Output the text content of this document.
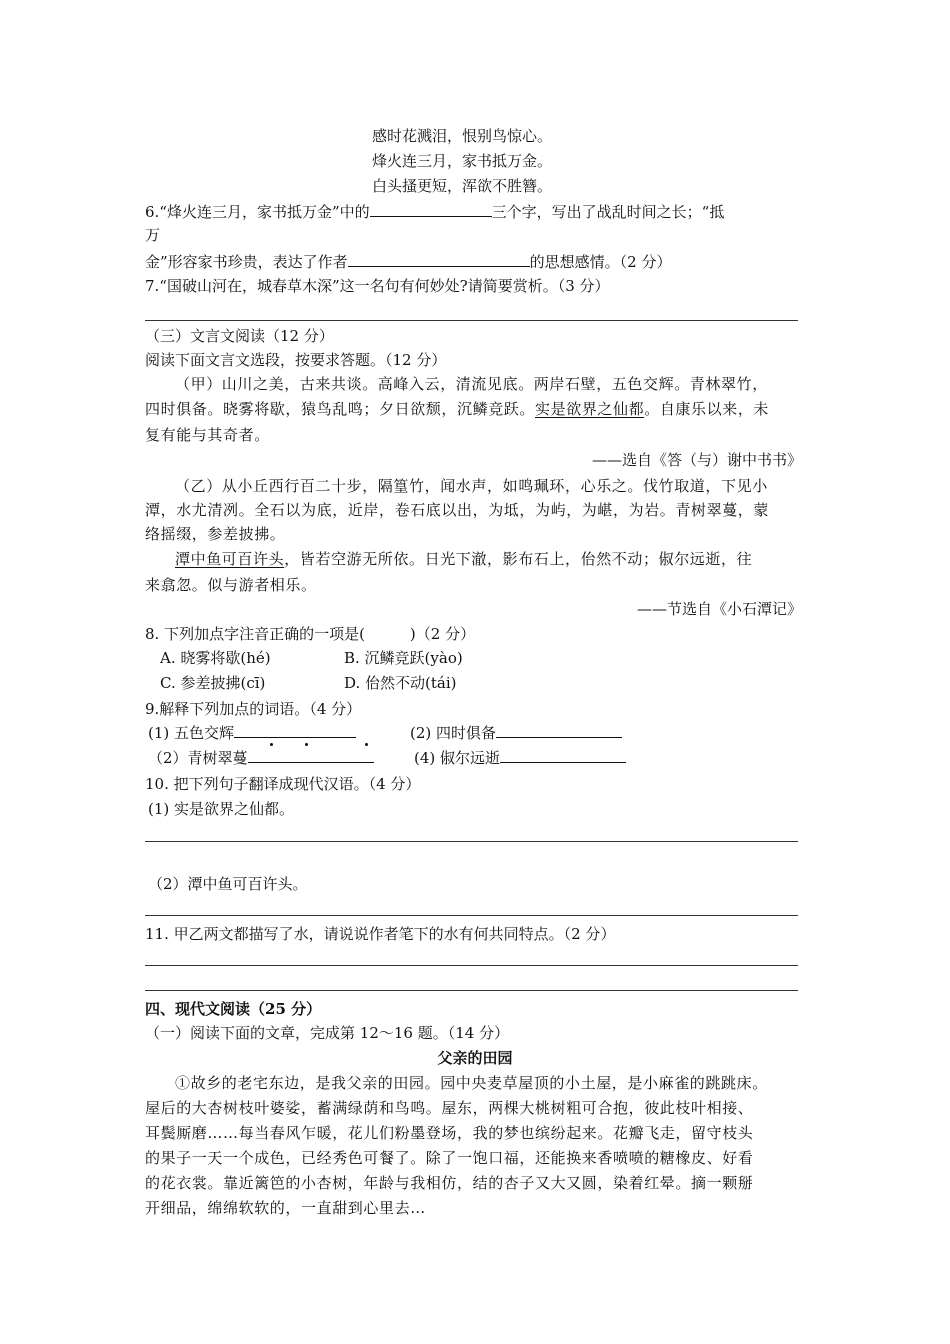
感时花溅泪，恨别鸟惊心。
烽火连三月，家书抵万金。
白头搔更短，浑欲不胜簪。
6.“烽火连三月，家书抵万金”中的	三个字，写出了战乱时间之长；“抵
万
金”形容家书珍贵，表达了作者	的思想感情。（2 分）
7.“国破山河在，城春草木深”这一名句有何妙处?请简要赏析。（3 分）
（三）文言文阅读（12 分）
阅读下面文言文选段，按要求答题。（12 分）
（甲）山川之美，古来共谈。高峰入云，清流见底。两岸石壁，五色交辉。青林翠竹，
四时俱备。晓雾将歇，猿鸟乱鸣；夕日欲颓，沉鳞竞跃。实是欲界之仙都。自康乐以来，未
复有能与其奇者。
——选自《答（与）谢中书书》
（乙）从小丘西行百二十步，隔篁竹，闻水声，如鸣珮环，心乐之。伐竹取道，下见小
潭，水尤清冽。全石以为底，近岸，卷石底以出，为坻，为屿，为嵁，为岩。青树翠蔓，蒙
络摇缀，参差披拂。
潭中鱼可百许头，皆若空游无所依。日光下澈，影布石上，佁然不动；俶尔远逝，往
来翕忽。似与游者相乐。
——节选自《小石潭记》
8. 下列加点字注音正确的一项是(　　　)（2 分）
A. 晓雾将歇(hé)	B. 沉鳞竞跃(yào)
C. 参差披拂(cī)	D. 佁然不动(tái)
9.解释下列加点的词语。（4 分）
(1) 五色交辉	(2) 四时俱备
（2）青树翠蔓	(4) 俶尔远逝
10. 把下列句子翻译成现代汉语。（4 分）
(1) 实是欲界之仙都。
（2）潭中鱼可百许头。
11. 甲乙两文都描写了水，请说说作者笔下的水有何共同特点。（2 分）
四、现代文阅读（25 分）
（一）阅读下面的文章，完成第 12～16 题。（14 分）
父亲的田园
①故乡的老宅东边，是我父亲的田园。园中央麦草屋顶的小土屋，是小麻雀的跳跳床。
屋后的大杏树枝叶婆娑，蓄满绿荫和鸟鸣。屋东，两棵大桃树粗可合抱，彼此枝叶相接、
耳鬓厮磨……每当春风乍暖，花儿们粉墨登场，我的梦也缤纷起来。花瓣飞走，留守枝头
的果子一天一个成色，已经秀色可餐了。除了一饱口福，还能换来香喷喷的糖橡皮、好看
的花衣裳。靠近篱笆的小杏树，年龄与我相仿，结的杏子又大又圆，染着红晕。摘一颗掰
开细品，绵绵软软的，一直甜到心里去…
